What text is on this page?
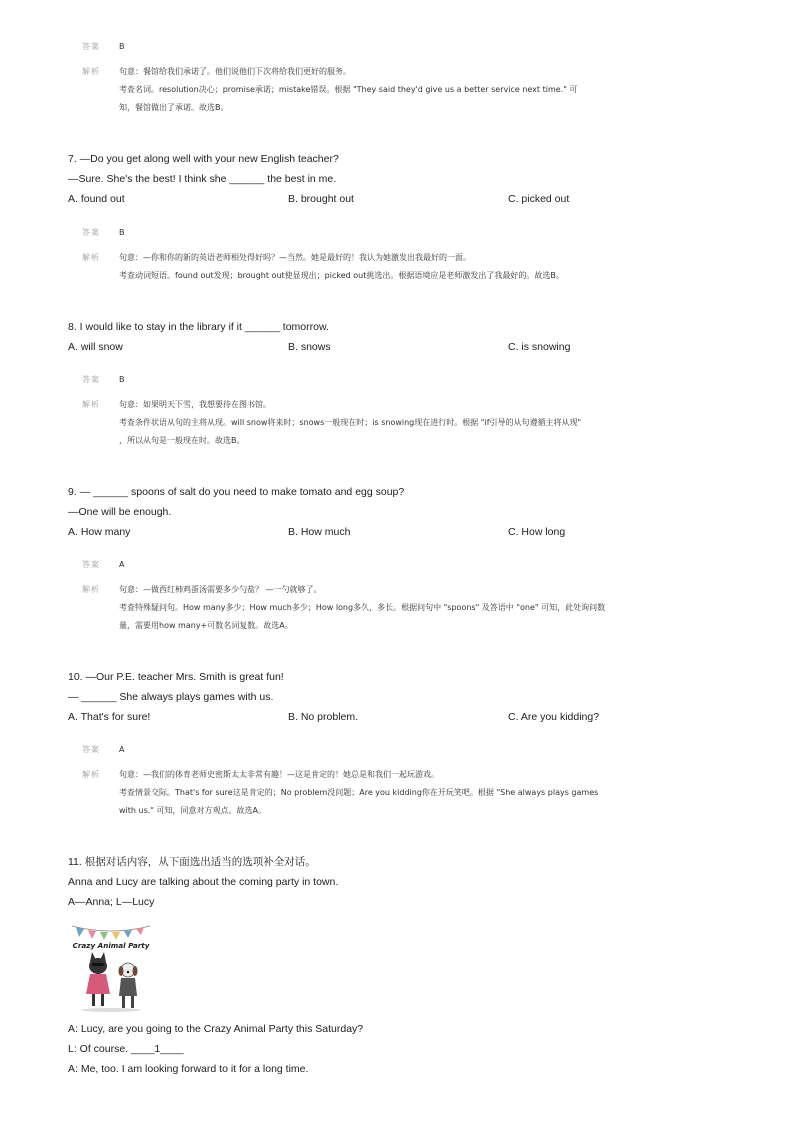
答案	B
解析	句意：餐馆给我们承诺了。他们说他们下次将给我们更好的服务。
考查名词。resolution决心；promise承诺；mistake错误。根据 "They said they'd give us a better service next time." 可
知，餐馆做出了承诺。故选B。
7. —Do you get along well with your new English teacher?
—Sure. She's the best! I think she ______ the best in me.
A. found out	B. brought out	C. picked out
答案	B
解析	句意：—你和你的新的英语老师相处得好吗？—当然。她是最好的！我认为她激发出我最好的一面。
考查动词短语。found out发现；brought out使显现出；picked out挑选出。根据语境应是老师激发出了我最好的。故选B。
8. I would like to stay in the library if it ______ tomorrow.
A. will snow	B. snows	C. is snowing
答案	B
解析	句意：如果明天下雪，我想要待在图书馆。
考查条件状语从句的主将从现。will snow将来时；snows一般现在时；is snowing现在进行时。根据 "if引导的从句遵循主将从现"
，所以从句是一般现在时。故选B。
9. — ______ spoons of salt do you need to make tomato and egg soup?
—One will be enough.
A. How many	B. How much	C. How long
答案	A
解析	句意：—做西红柿鸡蛋汤需要多少勺盐？ —一勺就够了。
考查特殊疑问句。How many多少；How much多少；How long多久，多长。根据问句中 "spoons" 及答语中 "one" 可知，此处询问数
量，需要用how many+可数名词复数。故选A。
10. —Our P.E. teacher Mrs. Smith is great fun!
— ______ She always plays games with us.
A. That's for sure!	B. No problem.	C. Are you kidding?
答案	A
解析	句意：—我们的体育老师史密斯太太非常有趣！—这是肯定的！她总是和我们一起玩游戏。
考查情景交际。That's for sure这是肯定的；No problem没问题；Are you kidding你在开玩笑吧。根据 "She always plays games
with us." 可知，同意对方观点。故选A。
11. 根据对话内容，从下面选出适当的选项补全对话。
Anna and Lucy are talking about the coming party in town.
A—Anna; L—Lucy
Crazy Animal Party
A: Lucy, are you going to the Crazy Animal Party this Saturday?
L: Of course. ____1____
A: Me, too. I am looking forward to it for a long time.
